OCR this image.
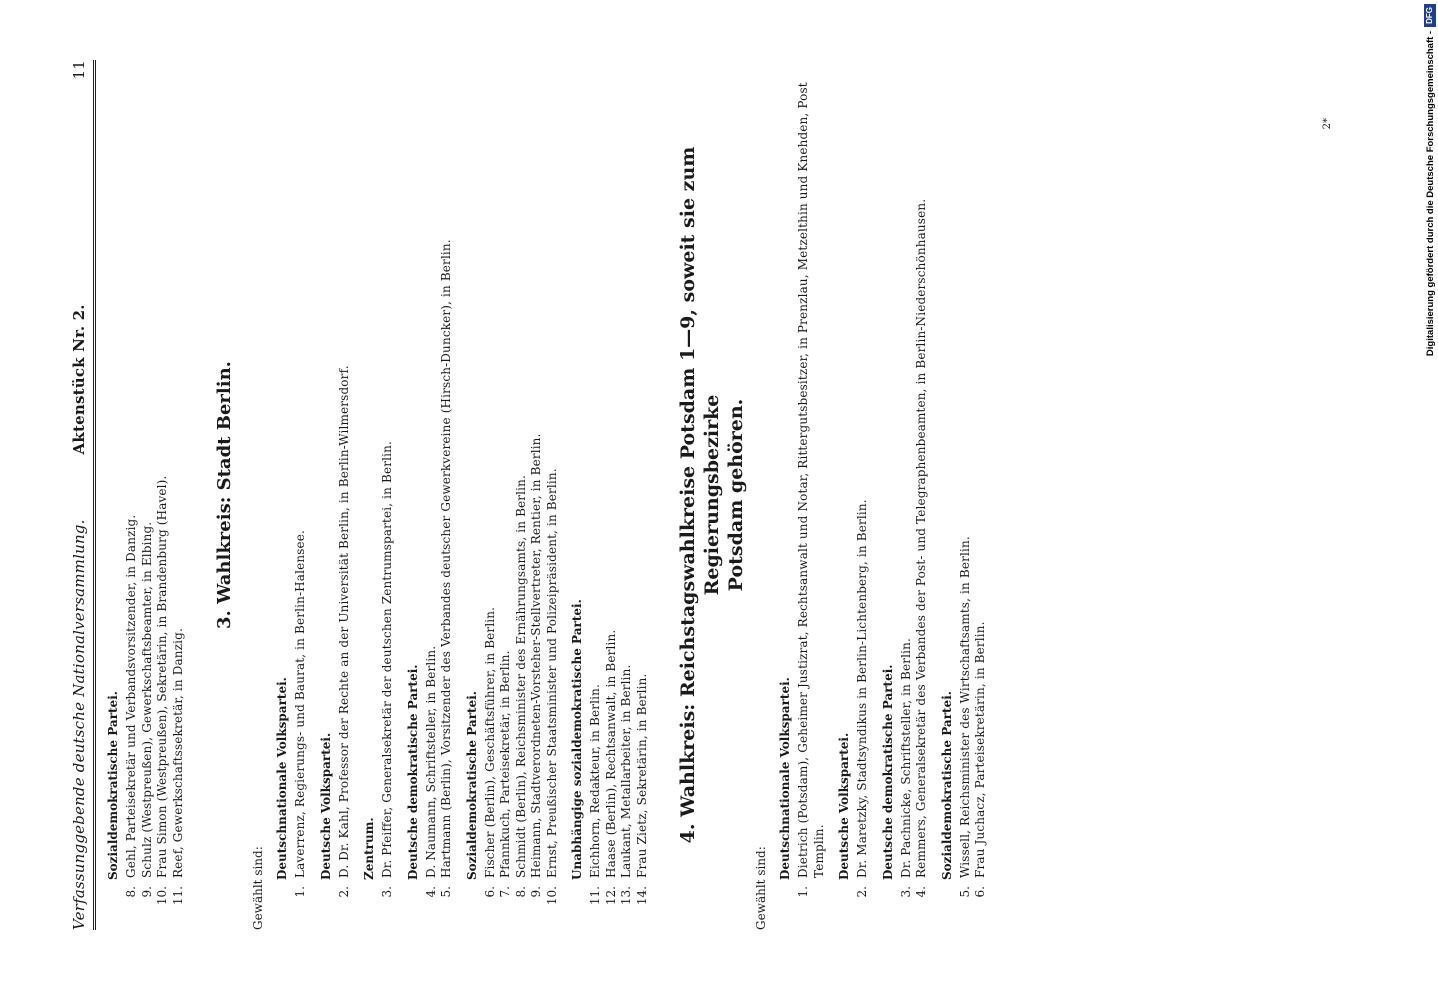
Verfassunggebende deutsche Nationalversammlung. Aktenstück Nr. 2.
11
Sozialdemokratische Partei.
8.
Gehl, Parteisekretär und Verbandsvorsitzender, in Danzig.
9.
Schulz (Westpreußen), Gewerkschaftsbeamter, in Elbing.
10.
Frau Simon (Westpreußen), Sekretärin, in Brandenburg (Havel).
11.
Reef, Gewerkschaftssekretär, in Danzig.
3. Wahlkreis: Stadt Berlin.
Gewählt sind:
Deutschnationale Volkspartei.
1.
Laverrenz, Regierungs- und Baurat, in Berlin-Halensee. Deutsche Volkspartei.
2.
D. Dr. Kahl, Professor der Rechte an der Universität Berlin, in Berlin-Wilmersdorf. Zentrum.
3.
Dr. Pfeiffer, Generalsekretär der deutschen Zentrumspartei, in Berlin. Deutsche demokratische Partei.
4.
D. Naumann, Schriftsteller, in Berlin.
5.
Hartmann (Berlin), Vorsitzender des Verbandes deutscher Gewerkvereine (Hirsch-Duncker), in Berlin. Sozialdemokratische Partei.
6.
Fischer (Berlin), Geschäftsführer, in Berlin.
7.
Pfannkuch, Parteisekretär, in Berlin.
8.
Schmidt (Berlin), Reichsminister des Ernährungsamts, in Berlin.
9.
Heimann, Stadtverordneten-Vorsteher-Stellvertreter, Rentier, in Berlin.
10.
Ernst, Preußischer Staatsminister und Polizeipräsident, in Berlin. Unabhängige sozialdemokratische Partei.
11.
Eichhorn, Redakteur, in Berlin.
12.
Haase (Berlin), Rechtsanwalt, in Berlin.
13.
Laukant, Metallarbeiter, in Berlin.
14.
Frau Zietz, Sekretärin, in Berlin. 4. Wahlkreis: Reichstagswahlkreise Potsdam 1—9, soweit sie zum Regierungsbezirke Potsdam gehören.
Gewählt sind:
Deutschnationale Volkspartei.
1.
Dietrich (Potsdam), Geheimer Justizrat, Rechtsanwalt und Notar, Rittergutsbesitzer, in Prenzlau, Metzelthin und Knehden, Post Templin. Deutsche Volkspartei.
2.
Dr. Maretzky, Stadtsyndikus in Berlin-Lichtenberg, in Berlin. Deutsche demokratische Partei.
3.
Dr. Pachnicke, Schriftsteller, in Berlin.
4.
Remmers, Generalsekretär des Verbandes der Post- und Telegraphenbeamten, in Berlin-Niederschönhausen. Sozialdemokratische Partei.
5.
Wissell, Reichsminister des Wirtschaftsamts, in Berlin.
6.
Frau Juchacz, Parteisekretärin, in Berlin.
2*	Digitalisierung gefördert durch die Deutsche Forschungsgemeinschaft -
DFG
